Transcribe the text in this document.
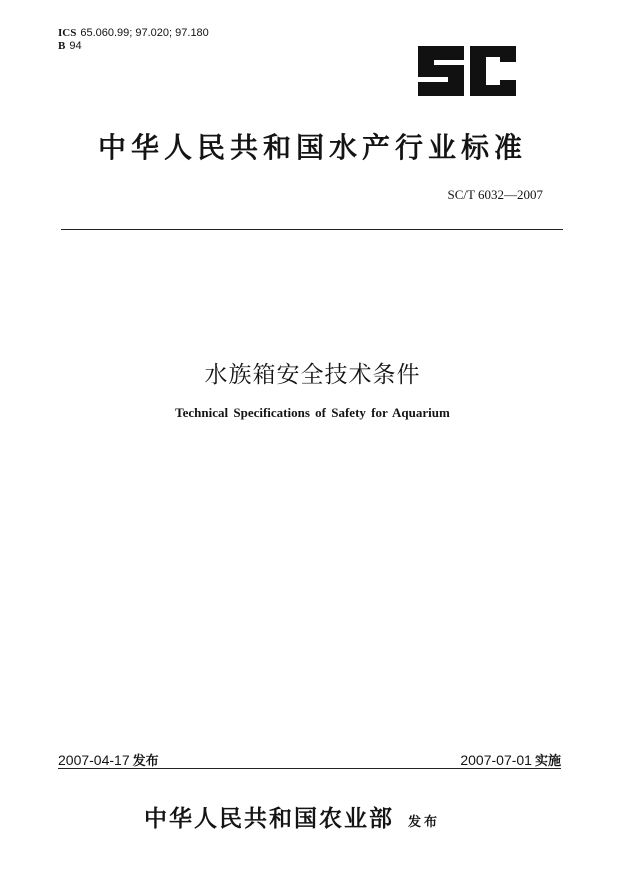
ICS 65.060.99; 97.020; 97.180
B 94
中华人民共和国水产行业标准
SC/T 6032—2007
水族箱安全技术条件
Technical Specifications of Safety for Aquarium
2007-04-17 发布	2007-07-01 实施
中华人民共和国农业部 发布
